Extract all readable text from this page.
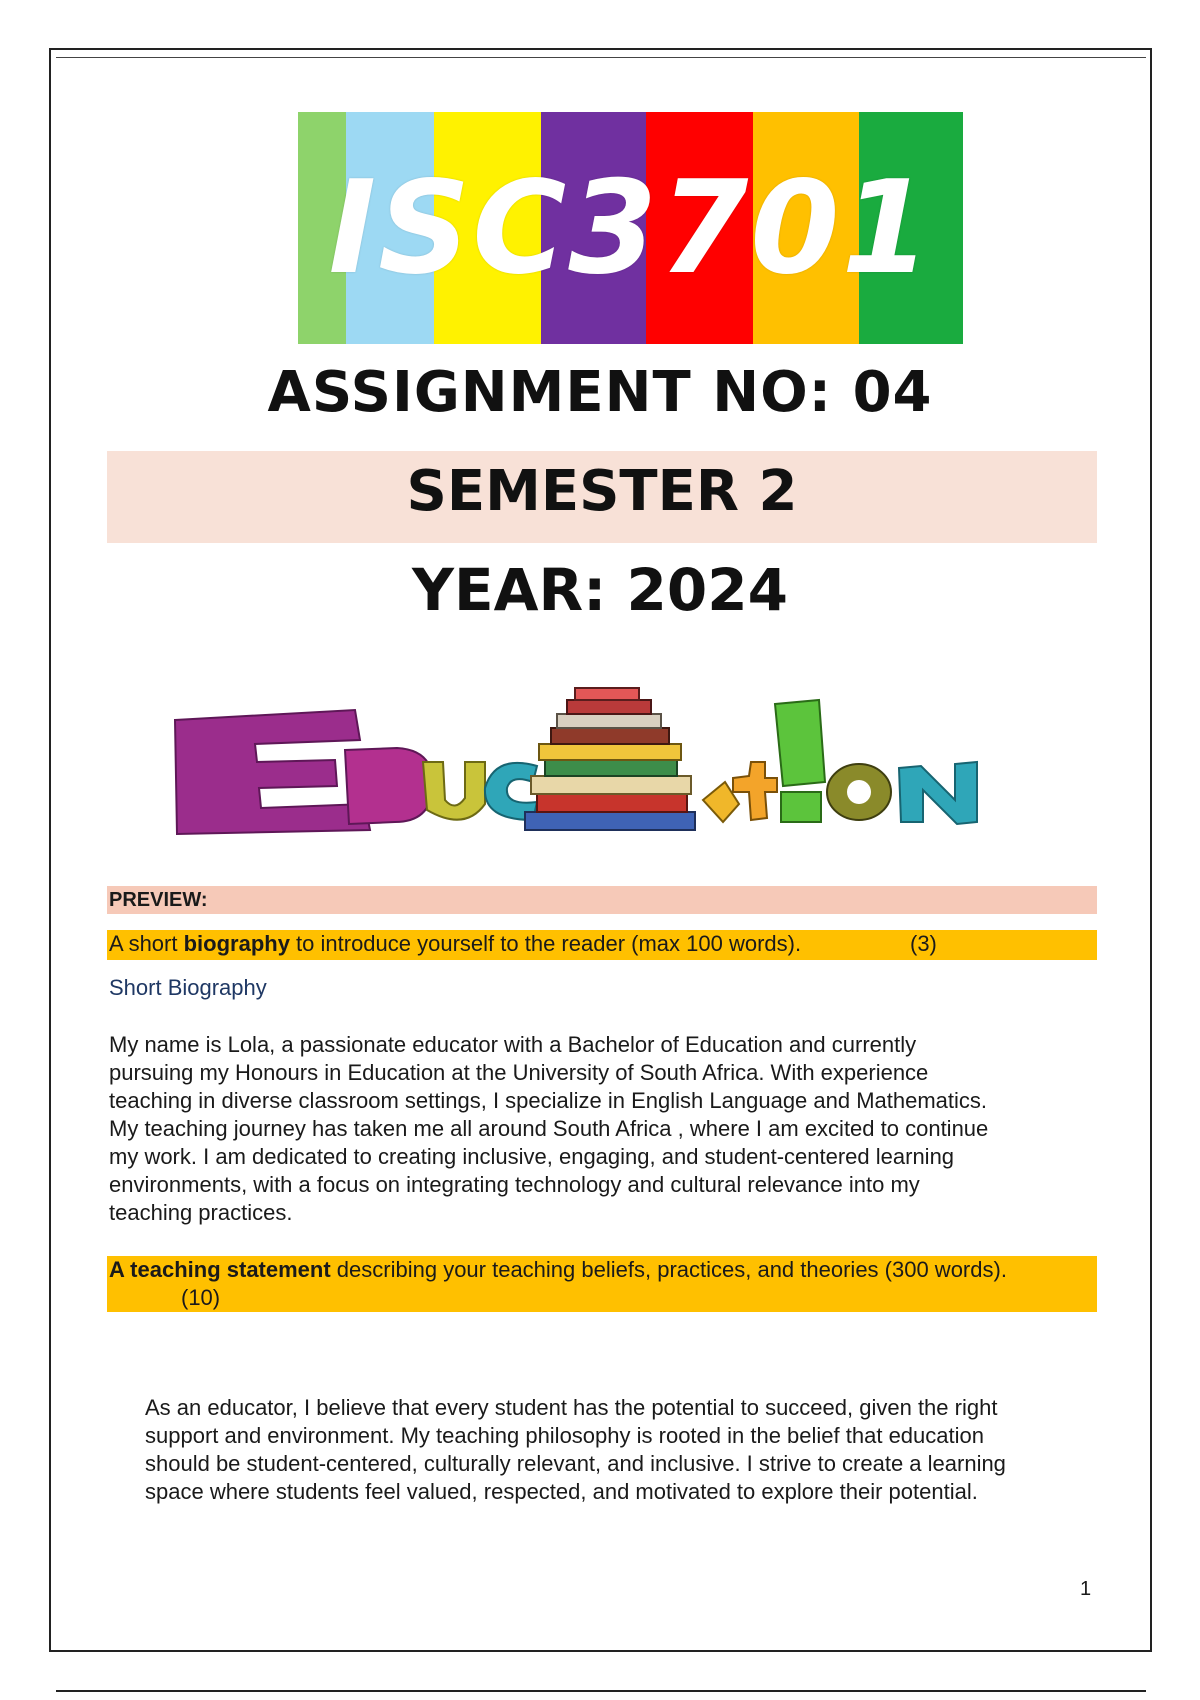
ISC3701
ASSIGNMENT NO: 04
SEMESTER 2
YEAR: 2024
PREVIEW:
A short biography to introduce yourself to the reader (max 100 words).	(3)
Short Biography
My name is Lola, a passionate educator with a Bachelor of Education and currently
pursuing my Honours in Education at the University of South Africa. With experience
teaching in diverse classroom settings, I specialize in English Language and Mathematics.
My teaching journey has taken me all around South Africa , where I am excited to continue
my work. I am dedicated to creating inclusive, engaging, and student-centered learning
environments, with a focus on integrating technology and cultural relevance into my
teaching practices.
A teaching statement describing your teaching beliefs, practices, and theories (300 words).
(10)
As an educator, I believe that every student has the potential to succeed, given the right
support and environment. My teaching philosophy is rooted in the belief that education
should be student-centered, culturally relevant, and inclusive. I strive to create a learning
space where students feel valued, respected, and motivated to explore their potential.
1
